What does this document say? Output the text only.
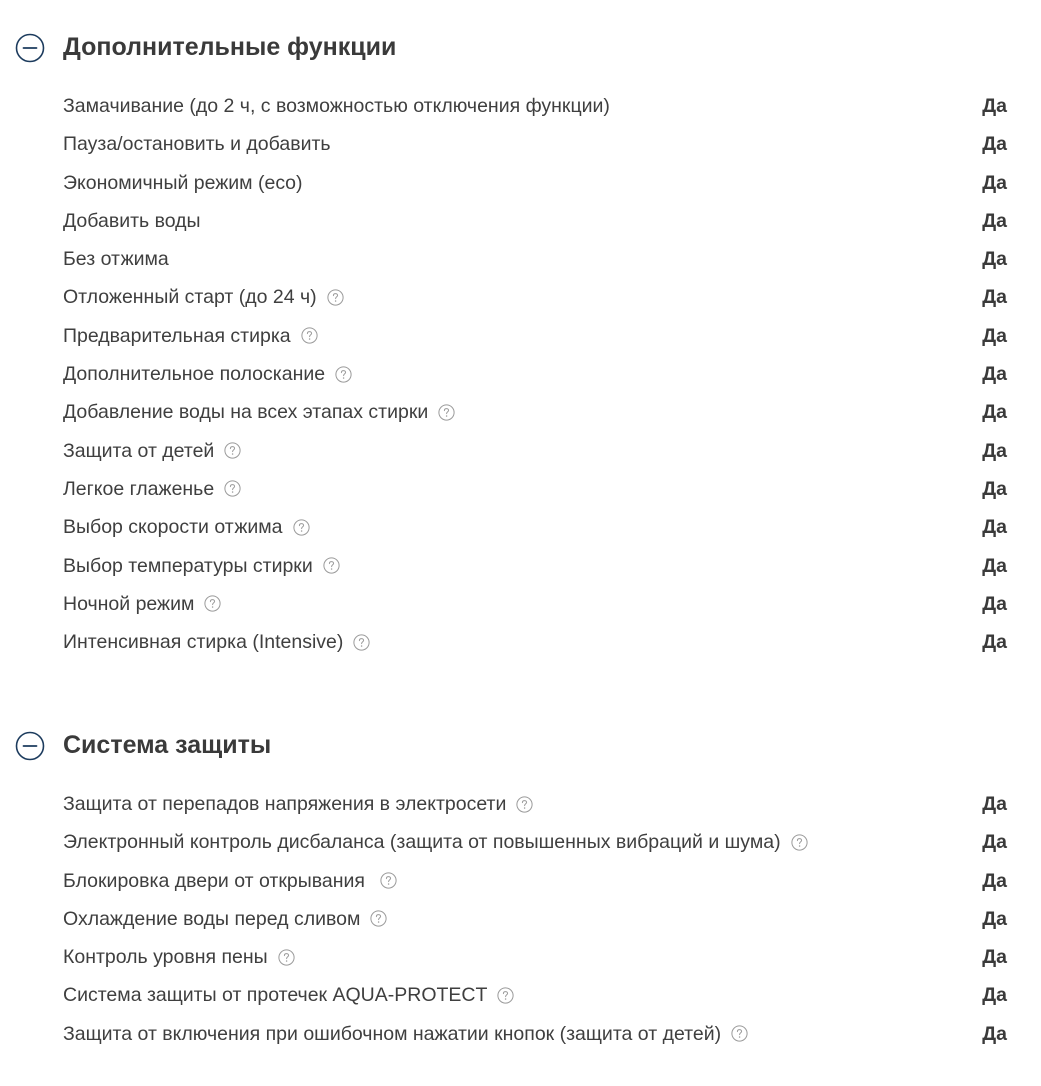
Дополнительные функции
Замачивание (до 2 ч, с возможностью отключения функции)	Да
Пауза/остановить и добавить	Да
Экономичный режим (eco)	Да
Добавить воды	Да
Без отжима	Да
Отложенный старт (до 24 ч)	Да
Предварительная стирка	Да
Дополнительное полоскание	Да
Добавление воды на всех этапах стирки	Да
Защита от детей	Да
Легкое глаженье	Да
Выбор скорости отжима	Да
Выбор температуры стирки	Да
Ночной режим	Да
Интенсивная стирка (Intensive)	Да
Система защиты
Защита от перепадов напряжения в электросети	Да
Электронный контроль дисбаланса (защита от повышенных вибраций и шума)	Да
Блокировка двери от открывания	Да
Охлаждение воды перед сливом	Да
Контроль уровня пены	Да
Система защиты от протечек AQUA-PROTECT	Да
Защита от включения при ошибочном нажатии кнопок (защита от детей)	Да
